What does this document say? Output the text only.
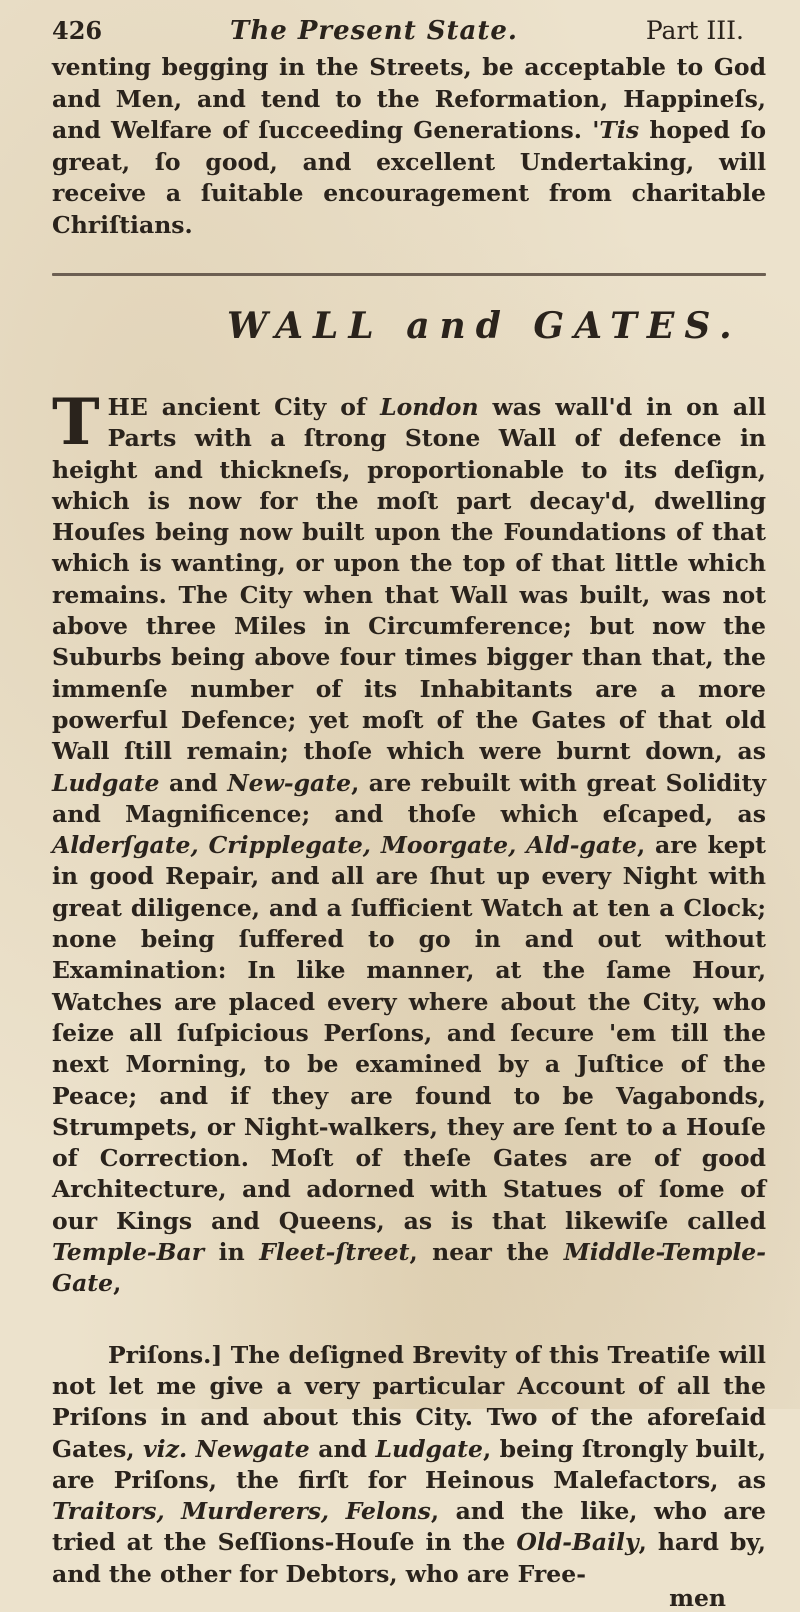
426	The Present State.	Part III.

venting begging in the Streets, be acceptable to God and Men, and tend to the Reformation, Happineſs, and Welfare of ſucceeding Generations. 'Tis hoped ſo great, ſo good, and excellent Undertaking, will receive a ſuitable encouragement from charitable Chriſtians.

WALL and GATES.

THE ancient City of London was wall'd in on all Parts with a ſtrong Stone Wall of defence in height and thickneſs, proportionable to its deſign, which is now for the moſt part decay'd, dwelling Houſes being now built upon the Foundations of that which is wanting, or upon the top of that little which remains. The City when that Wall was built, was not above three Miles in Circumference; but now the Suburbs being above four times bigger than that, the immenſe number of its Inhabitants are a more powerful Defence; yet moſt of the Gates of that old Wall ſtill remain; thoſe which were burnt down, as Ludgate and New-gate, are rebuilt with great Solidity and Magnificence; and thoſe which eſcaped, as Alderſgate, Cripplegate, Moorgate, Ald-gate, are kept in good Repair, and all are ſhut up every Night with great diligence, and a ſufficient Watch at ten a Clock; none being ſuffered to go in and out without Examination: In like manner, at the ſame Hour, Watches are placed every where about the City, who ſeize all ſuſpicious Perſons, and ſecure 'em till the next Morning, to be examined by a Juſtice of the Peace; and if they are found to be Vagabonds, Strumpets, or Night-walkers, they are ſent to a Houſe of Correction. Moſt of theſe Gates are of good Architecture, and adorned with Statues of ſome of our Kings and Queens, as is that likewiſe called Temple-Bar in Fleet-ſtreet, near the Middle-Temple-Gate,

Priſons.] The deſigned Brevity of this Treatiſe will not let me give a very particular Account of all the Priſons in and about this City. Two of the aforeſaid Gates, viz. Newgate and Ludgate, being ſtrongly built, are Priſons, the firſt for Heinous Malefactors, as Traitors, Murderers, Felons, and the like, who are tried at the Seſſions-Houſe in the Old-Baily, hard by, and the other for Debtors, who are Free-

men
